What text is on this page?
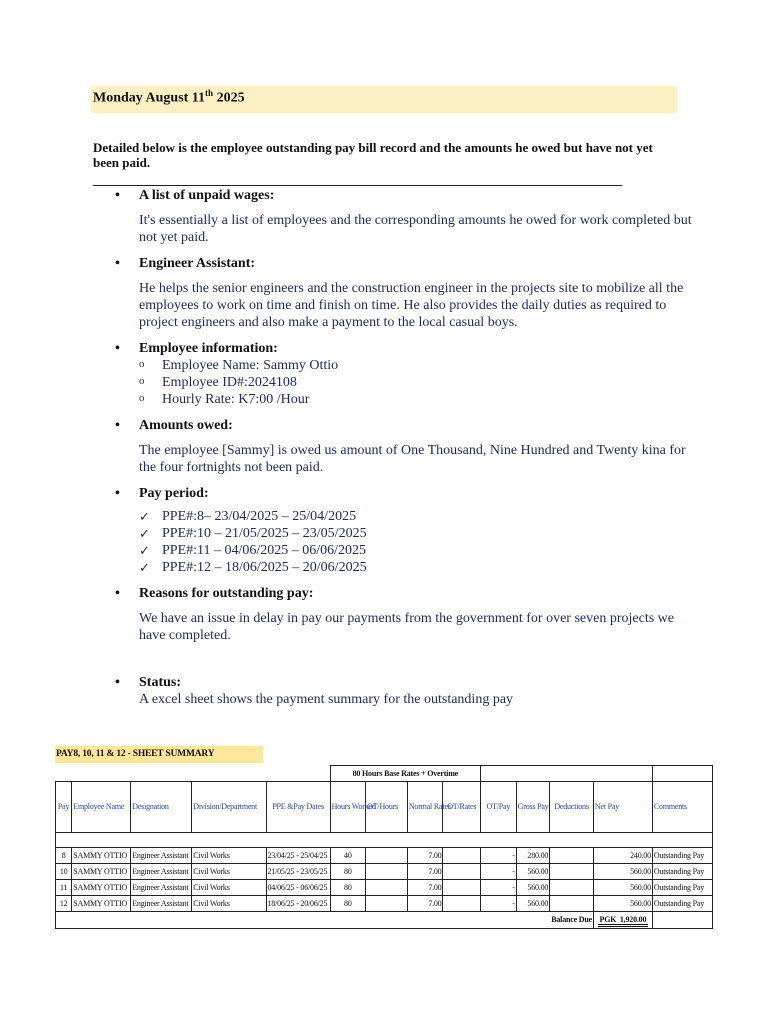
Monday August 11th 2025
Detailed below is the employee outstanding pay bill record and the amounts he owed but have not yet been paid.
• A list of unpaid wages:
It's essentially a list of employees and the corresponding amounts he owed for work completed but not yet paid.
• Engineer Assistant:
He helps the senior engineers and the construction engineer in the projects site to mobilize all the employees to work on time and finish on time. He also provides the daily duties as required to project engineers and also make a payment to the local casual boys.
• Employee information:
o Employee Name: Sammy Ottio
o Employee ID#:2024108
o Hourly Rate: K7:00 /Hour
• Amounts owed:
The employee [Sammy] is owed us amount of One Thousand, Nine Hundred and Twenty kina for the four fortnights not been paid.
• Pay period:
✓ PPE#:8– 23/04/2025 – 25/04/2025
✓ PPE#:10 – 21/05/2025 – 23/05/2025
✓ PPE#:11 – 04/06/2025 – 06/06/2025
✓ PPE#:12 – 18/06/2025 – 20/06/2025
• Reasons for outstanding pay:
We have an issue in delay in pay our payments from the government for over seven projects we have completed.
• Status:
A excel sheet shows the payment summary for the outstanding pay
PAY8, 10, 11 & 12 - SHEET SUMMARY
					80 Hours Base Rates + Overtime								
Pay	Employee Name	Designation	Division/Department	PPE &Pay Dates	Hours Worked	OT/Hours	Normal Rates	OT/Rates	OT/Pay	Gross Pay	Deductions	Net Pay	Comments

8	SAMMY OTTIO	Engineer Assistant	Civil Works	23/04/25 - 25/04/25	40		7.00		-	280.00		240.00	Outstanding Pay
10	SAMMY OTTIO	Engineer Assistant	Civil Works	21/05/25 - 23/05/25	80		7.00		-	560.00		560.00	Outstanding Pay
11	SAMMY OTTIO	Engineer Assistant	Civil Works	04/06/25 - 06/06/25	80		7.00		-	560.00		560.00	Outstanding Pay
12	SAMMY OTTIO	Engineer Assistant	Civil Works	18/06/25 - 20/06/25	80		7.00		-	560.00		560.00	Outstanding Pay
Balance Due												PGK 1,920.00	
